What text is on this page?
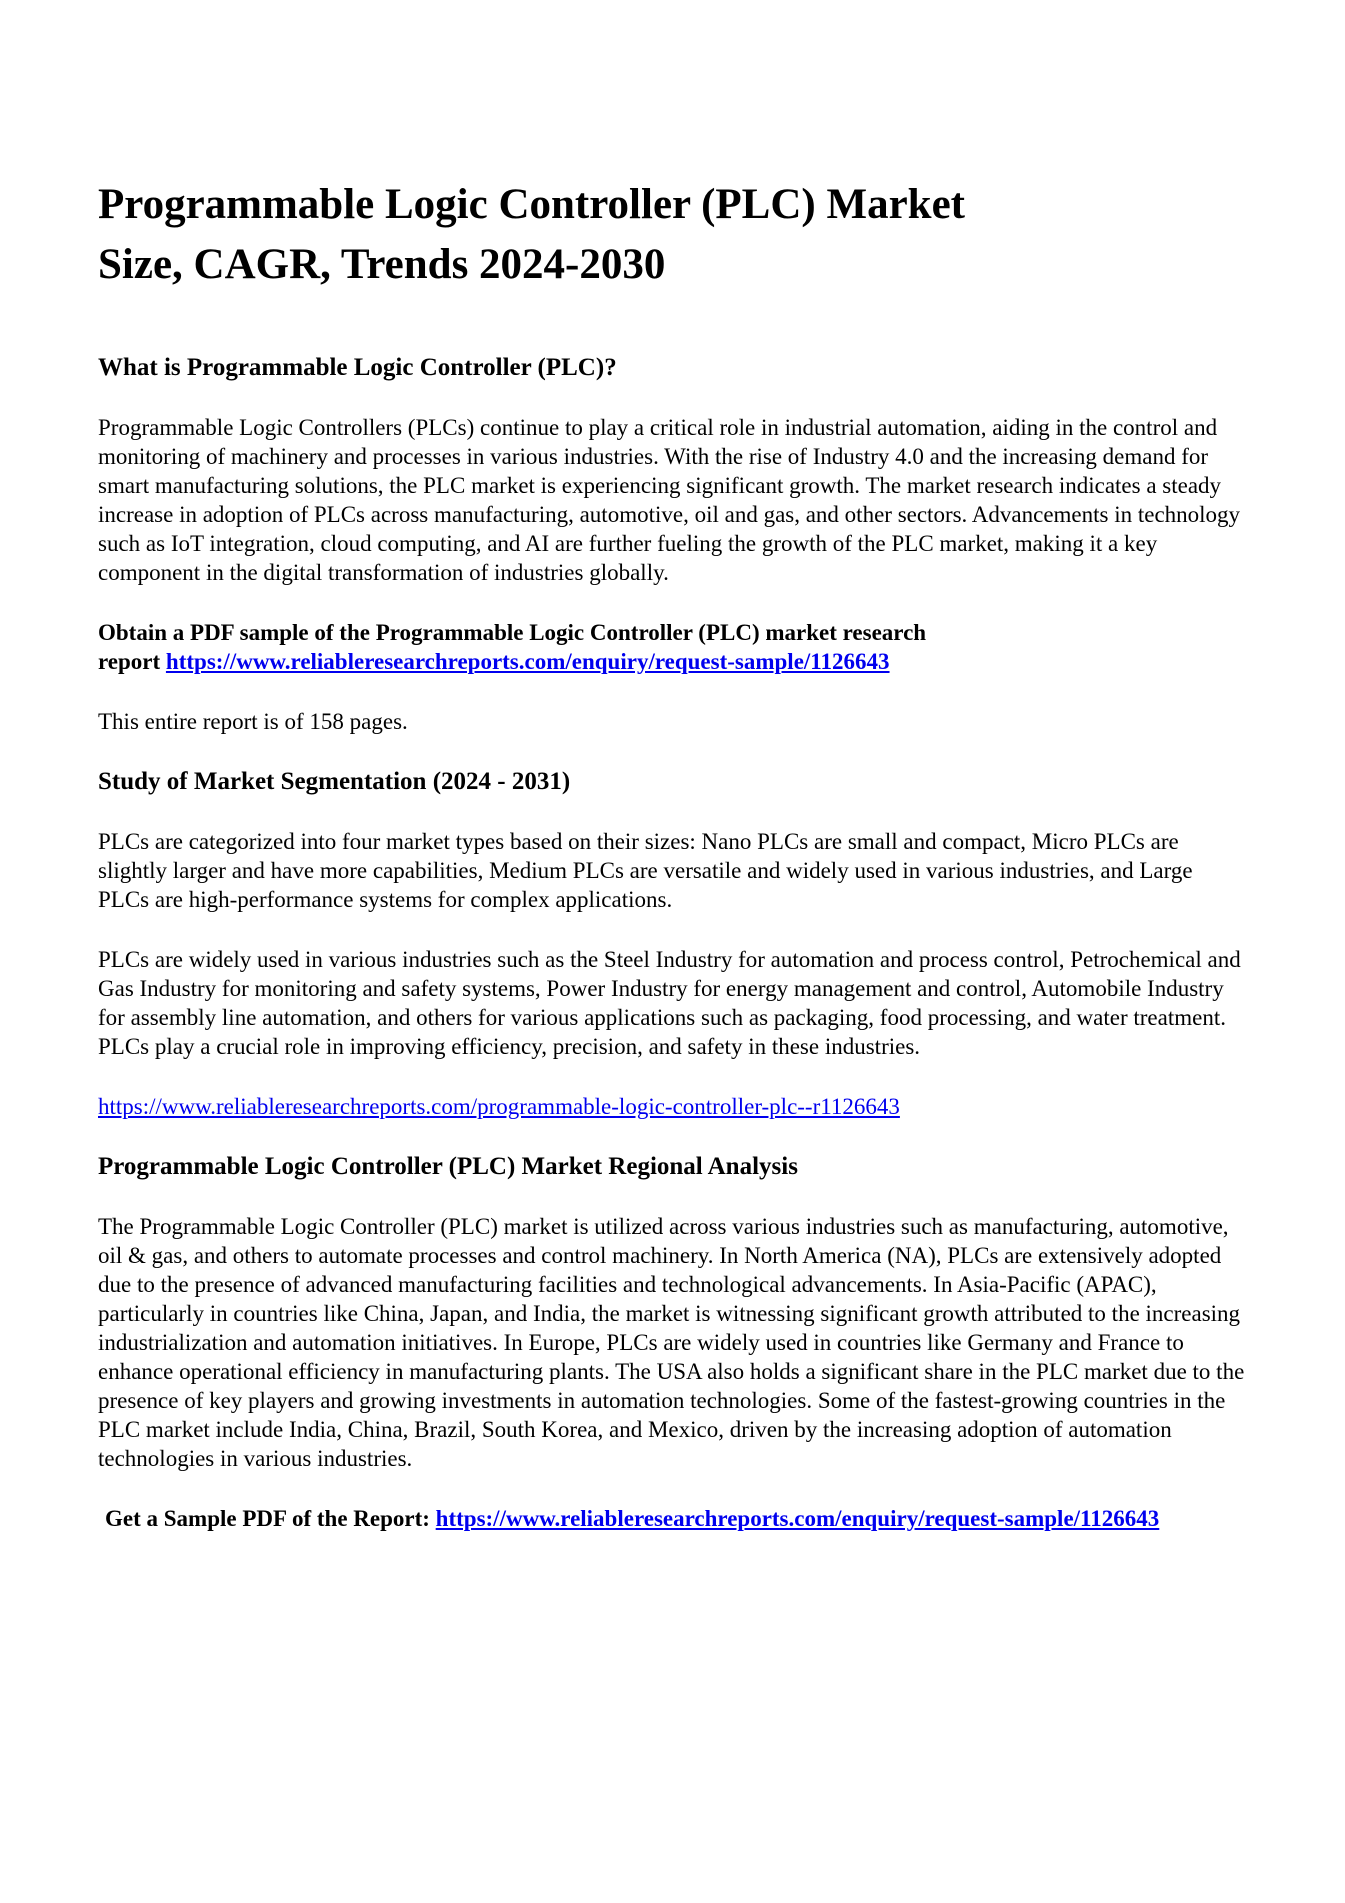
Programmable Logic Controller (PLC) Market
Size, CAGR, Trends 2024-2030
What is Programmable Logic Controller (PLC)?

Programmable Logic Controllers (PLCs) continue to play a critical role in industrial automation, aiding in the control and monitoring of machinery and processes in various industries. With the rise of Industry 4.0 and the increasing demand for smart manufacturing solutions, the PLC market is experiencing significant growth. The market research indicates a steady increase in adoption of PLCs across manufacturing, automotive, oil and gas, and other sectors. Advancements in technology such as IoT integration, cloud computing, and AI are further fueling the growth of the PLC market, making it a key component in the digital transformation of industries globally.

Obtain a PDF sample of the Programmable Logic Controller (PLC) market research
report https://www.reliableresearchreports.com/enquiry/request-sample/1126643

This entire report is of 158 pages.

Study of Market Segmentation (2024 - 2031)

PLCs are categorized into four market types based on their sizes: Nano PLCs are small and compact, Micro PLCs are slightly larger and have more capabilities, Medium PLCs are versatile and widely used in various industries, and Large PLCs are high-performance systems for complex applications.

PLCs are widely used in various industries such as the Steel Industry for automation and process control, Petrochemical and Gas Industry for monitoring and safety systems, Power Industry for energy management and control, Automobile Industry for assembly line automation, and others for various applications such as packaging, food processing, and water treatment. PLCs play a crucial role in improving efficiency, precision, and safety in these industries.

https://www.reliableresearchreports.com/programmable-logic-controller-plc--r1126643

Programmable Logic Controller (PLC) Market Regional Analysis

The Programmable Logic Controller (PLC) market is utilized across various industries such as manufacturing, automotive, oil & gas, and others to automate processes and control machinery. In North America (NA), PLCs are extensively adopted due to the presence of advanced manufacturing facilities and technological advancements. In Asia-Pacific (APAC), particularly in countries like China, Japan, and India, the market is witnessing significant growth attributed to the increasing industrialization and automation initiatives. In Europe, PLCs are widely used in countries like Germany and France to enhance operational efficiency in manufacturing plants. The USA also holds a significant share in the PLC market due to the presence of key players and growing investments in automation technologies. Some of the fastest-growing countries in the PLC market include India, China, Brazil, South Korea, and Mexico, driven by the increasing adoption of automation technologies in various industries.

Get a Sample PDF of the Report: https://www.reliableresearchreports.com/enquiry/request-sample/1126643
